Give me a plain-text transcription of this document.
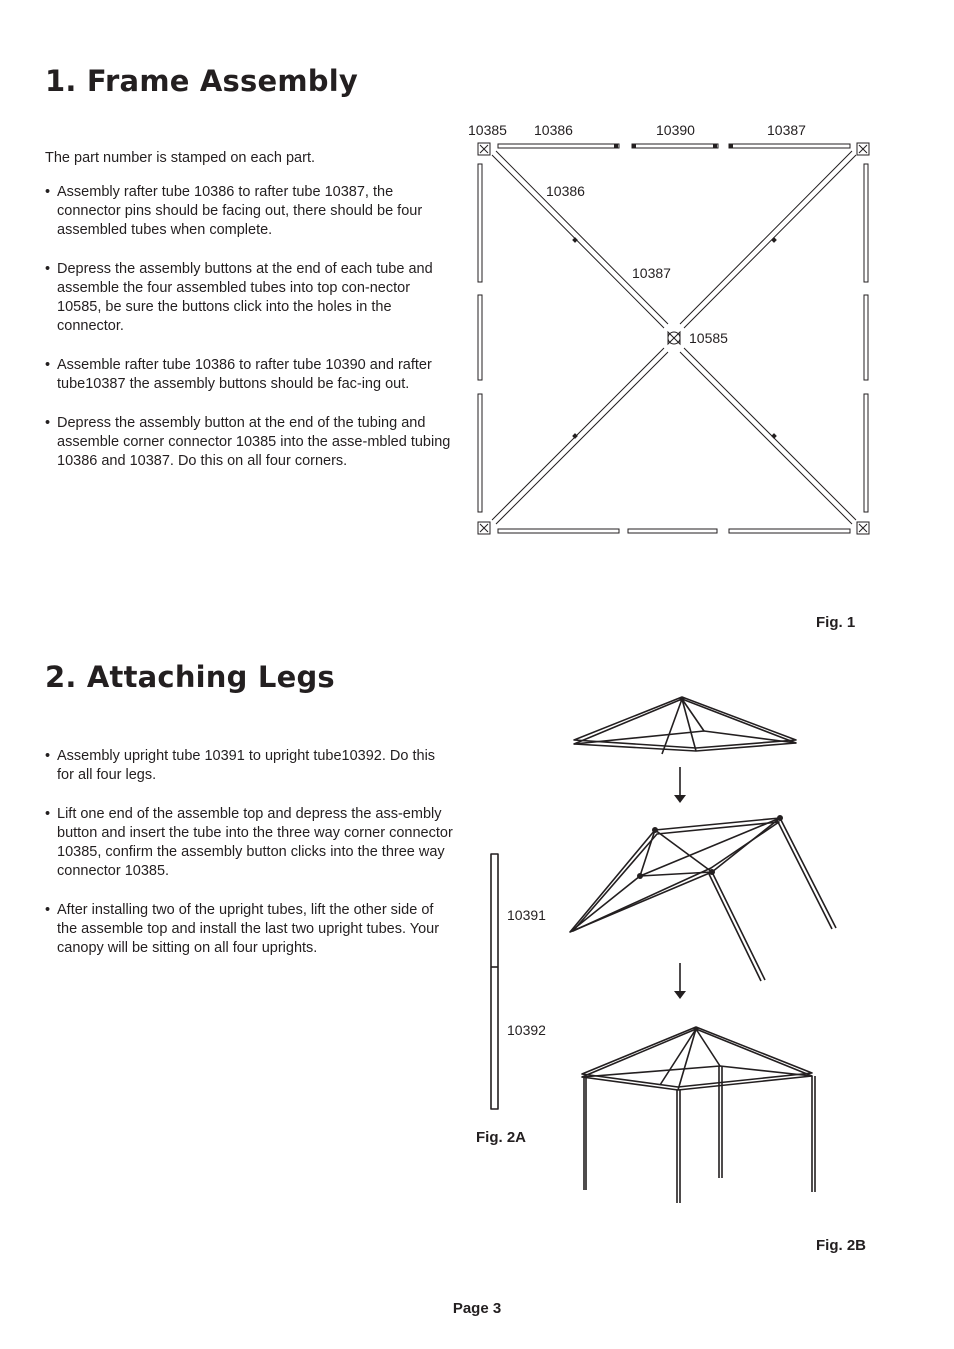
1. Frame Assembly

The part number is stamped on each part.

• Assembly rafter tube 10386 to rafter tube 10387, the connector pins should be facing out, there should be four assembled tubes when complete.
• Depress the assembly buttons at the end of each tube and assemble the four assembled tubes into top con-nector 10585, be sure the buttons click into the holes in the connector.
• Assemble rafter tube 10386 to rafter tube 10390 and rafter tube10387 the assembly buttons should be fac-ing out.
• Depress the assembly button at the end of the tubing and assemble corner connector 10385 into the asse-mbled tubing 10386 and 10387. Do this on all four corners.
10385 10386	10390	10387
10386
10387
10585
Fig. 1
2. Attaching Legs
• Assembly upright tube 10391 to upright tube10392. Do this for all four legs.
• Lift one end of the assemble top and depress the ass-embly button and insert the tube into the three way corner connector 10385, confirm the assembly button clicks into the three way connector 10385.
• After installing two of the upright tubes, lift the other side of the assemble top and install the last two upright tubes. Your canopy will be sitting on all four uprights.
10391
10392
Fig. 2A
Fig. 2B
Page 3
